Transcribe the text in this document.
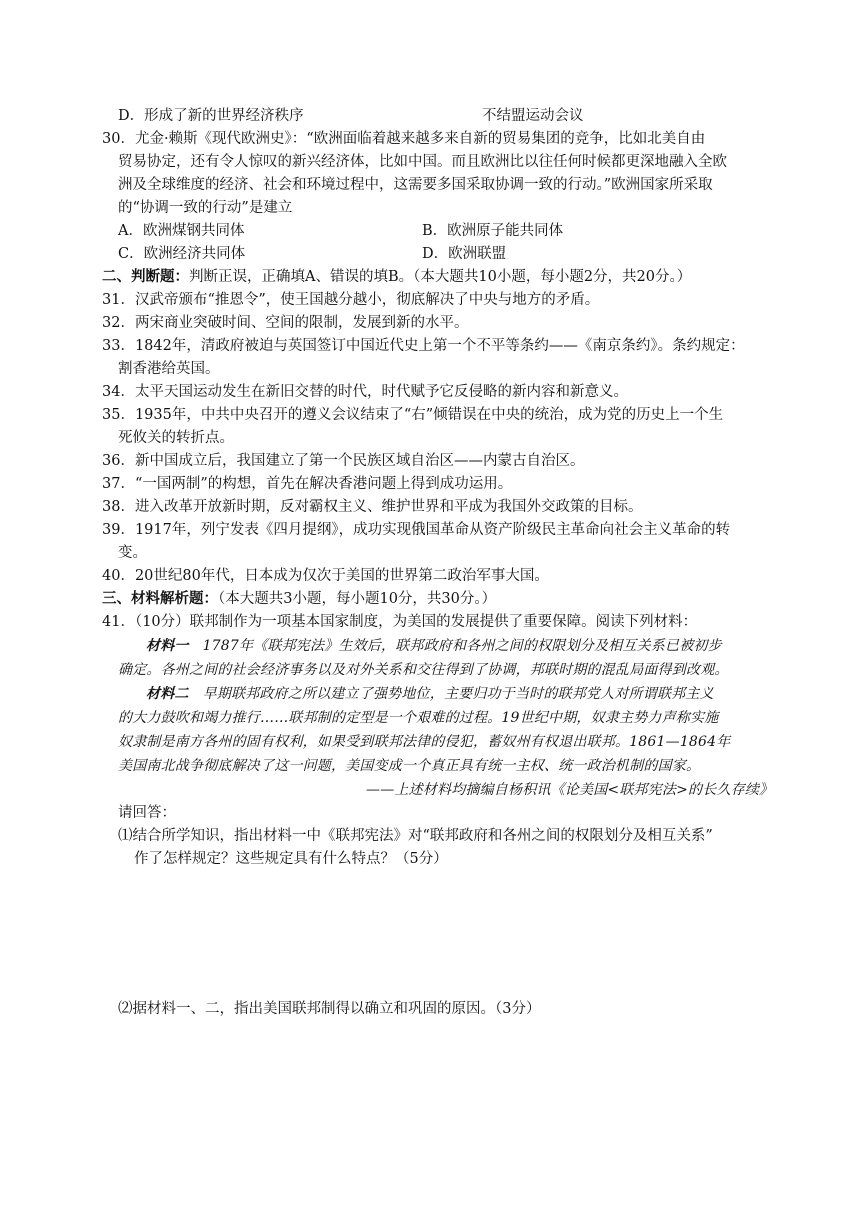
D．形成了新的世界经济秩序	不结盟运动会议
30．尤金·赖斯《现代欧洲史》：“欧洲面临着越来越多来自新的贸易集团的竞争，比如北美自由
贸易协定，还有令人惊叹的新兴经济体，比如中国。而且欧洲比以往任何时候都更深地融入全欧
洲及全球维度的经济、社会和环境过程中，这需要多国采取协调一致的行动。”欧洲国家所采取
的“协调一致的行动”是建立
A．欧洲煤钢共同体	B．欧洲原子能共同体
C．欧洲经济共同体	D．欧洲联盟
二、判断题：判断正误，正确填A、错误的填B。（本大题共10小题，每小题2分，共20分。）
31．汉武帝颁布“推恩令”，使王国越分越小，彻底解决了中央与地方的矛盾。
32．两宋商业突破时间、空间的限制，发展到新的水平。
33．1842年，清政府被迫与英国签订中国近代史上第一个不平等条约——《南京条约》。条约规定：
割香港给英国。
34．太平天国运动发生在新旧交替的时代，时代赋予它反侵略的新内容和新意义。
35．1935年，中共中央召开的遵义会议结束了“右”倾错误在中央的统治，成为党的历史上一个生
死攸关的转折点。
36．新中国成立后，我国建立了第一个民族区域自治区——内蒙古自治区。
37．“一国两制”的构想，首先在解决香港问题上得到成功运用。
38．进入改革开放新时期，反对霸权主义、维护世界和平成为我国外交政策的目标。
39．1917年，列宁发表《四月提纲》，成功实现俄国革命从资产阶级民主革命向社会主义革命的转
变。
40．20世纪80年代，日本成为仅次于美国的世界第二政治军事大国。
三、材料解析题：（本大题共3小题，每小题10分，共30分。）
41．（10分）联邦制作为一项基本国家制度，为美国的发展提供了重要保障。阅读下列材料：
材料一 1787年《联邦宪法》生效后，联邦政府和各州之间的权限划分及相互关系已被初步
确定。各州之间的社会经济事务以及对外关系和交往得到了协调，邦联时期的混乱局面得到改观。
材料二 早期联邦政府之所以建立了强势地位，主要归功于当时的联邦党人对所谓联邦主义
的大力鼓吹和竭力推行……联邦制的定型是一个艰难的过程。19世纪中期，奴隶主势力声称实施
奴隶制是南方各州的固有权利，如果受到联邦法律的侵犯，蓄奴州有权退出联邦。1861—1864年
美国南北战争彻底解决了这一问题，美国变成一个真正具有统一主权、统一政治机制的国家。
——上述材料均摘编自杨积讯《论美国<联邦宪法>的长久存续》
请回答：
⑴结合所学知识，指出材料一中《联邦宪法》对“联邦政府和各州之间的权限划分及相互关系”
作了怎样规定？这些规定具有什么特点？（5分）
⑵据材料一、二，指出美国联邦制得以确立和巩固的原因。（3分）
